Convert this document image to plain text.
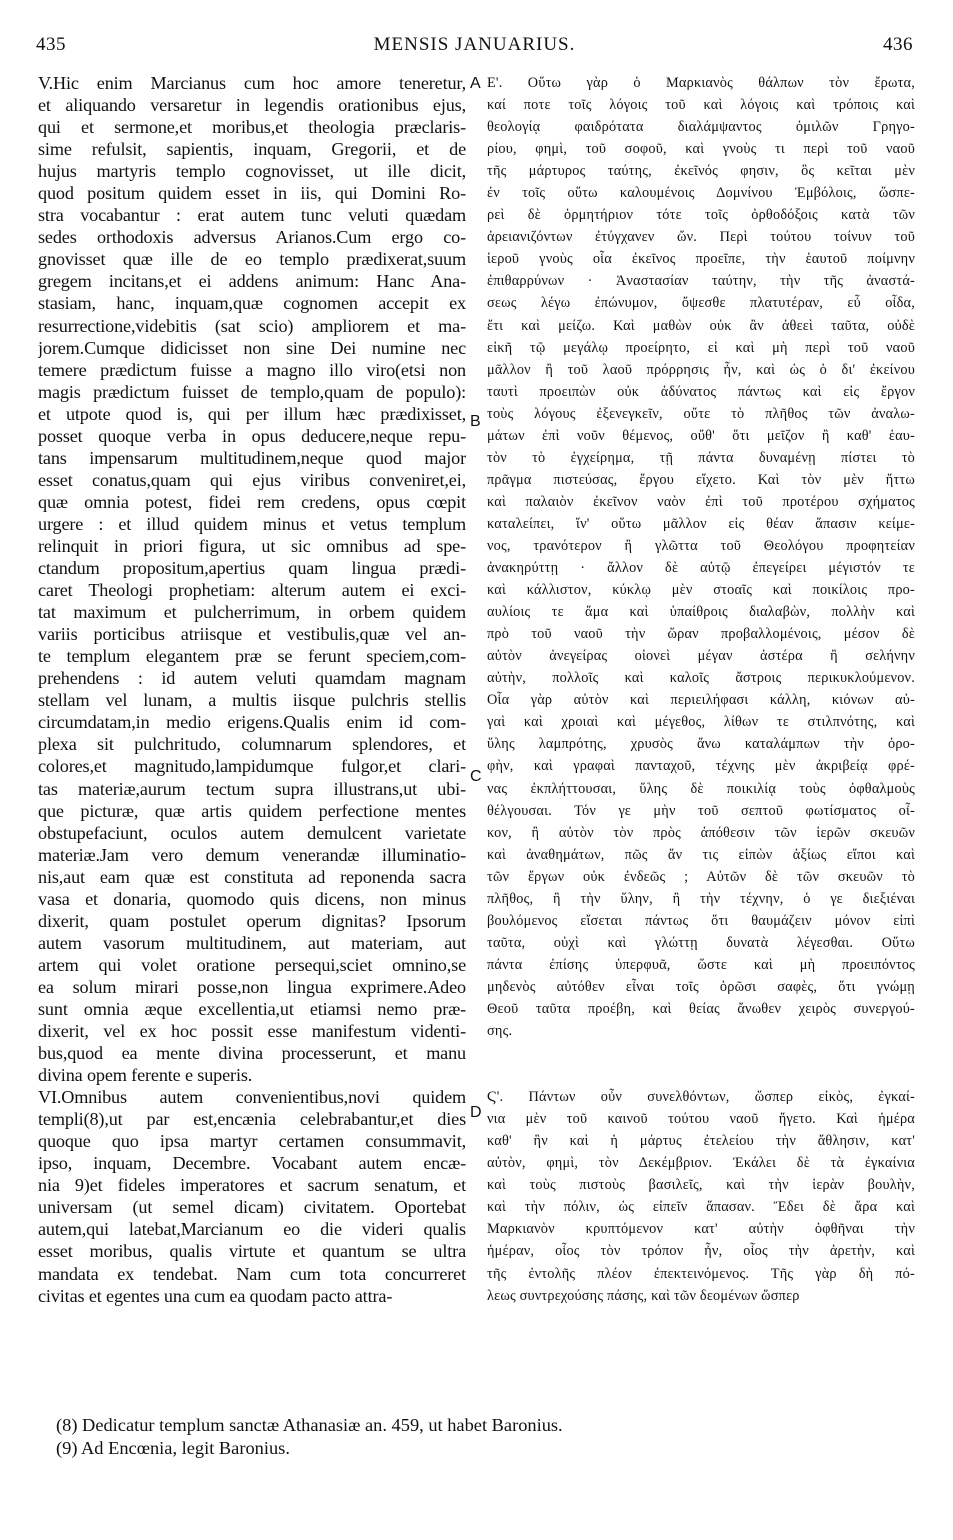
435	MENSIS JANUARIUS.	436
V.Hic enim Marcianus cum hoc amore teneretur,
et aliquando versaretur in legendis orationibus ejus,
qui et sermone,et moribus,et theologia præclaris-
sime refulsit, sapientis, inquam, Gregorii, et de
hujus martyris templo cognovisset, ut ille dicit,
quod positum quidem esset in iis, qui Domini Ro-
stra vocabantur : erat autem tunc veluti quædam
sedes orthodoxis adversus Arianos.Cum ergo co-
gnovisset quæ ille de eo templo prædixerat,suum
gregem incitans,et ei addens animum: Hanc Ana-
stasiam, hanc, inquam,quæ cognomen accepit ex
resurrectione,videbitis (sat scio) ampliorem et ma-
jorem.Cumque didicisset non sine Dei numine nec
temere prædictum fuisse a magno illo viro(etsi non
magis prædictum fuisset de templo,quam de populo):
et utpote quod is, qui per illum hæc prædixisset,
posset quoque verba in opus deducere,neque repu-
tans impensarum multitudinem,neque quod major
esset conatus,quam qui ejus viribus conveniret,ei,
quæ omnia potest, fidei rem credens, opus cœpit
urgere : et illud quidem minus et vetus templum
relinquit in priori figura, ut sic omnibus ad spe-
ctandum propositum,apertius quam lingua prædi-
caret Theologi prophetiam: alterum autem ei exci-
tat maximum et pulcherrimum, in orbem quidem
variis porticibus atriisque et vestibulis,quæ vel an-
te templum elegantem præ se ferunt speciem,com-
prehendens : id autem veluti quamdam magnam
stellam vel lunam, a multis iisque pulchris stellis
circumdatam,in medio erigens.Qualis enim id com-
plexa sit pulchritudo, columnarum splendores, et
colores,et magnitudo,lampidumque fulgor,et clari-
tas materiæ,aurum tectum supra illustrans,ut ubi-
que picturæ, quæ artis quidem perfectione mentes
obstupefaciunt, oculos autem demulcent varietate
materiæ.Jam vero demum venerandæ illuminatio-
nis,aut eam quæ est constituta ad reponenda sacra
vasa et donaria, quomodo quis dicens, non minus
dixerit, quam postulet operum dignitas? Ipsorum
autem vasorum multitudinem, aut materiam, aut
artem qui volet oratione persequi,sciet omnino,se
ea solum mirari posse,non lingua exprimere.Adeo
sunt omnia æque excellentia,ut etiamsi nemo præ-
dixerit, vel ex hoc possit esse manifestum videnti-
bus,quod ea mente divina processerunt, et manu
divina opem ferente e superis.
VI.Omnibus autem convenientibus,novi quidem
templi(8),ut par est,encænia celebrabantur,et dies
quoque quo ipsa martyr certamen consummavit,
ipso, inquam, Decembre. Vocabant autem encæ-
nia 9)et fideles imperatores et sacrum senatum, et
universam (ut semel dicam) civitatem. Oportebat
autem,qui latebat,Marcianum eo die videri qualis
esset moribus, qualis virtute et quantum se ultra
mandata ex tendebat. Nam cum tota concurreret
civitas et egentes una cum ea quodam pacto attra-
Ε'. Οὕτω γὰρ ὁ Μαρκιανὸς θάλπων τὸν ἔρωτα,
καί ποτε τοῖς λόγοις τοῦ καὶ λόγοις καὶ τρόποις καὶ
θεολογίᾳ φαιδρότατα διαλάμψαντος ὁμιλῶν Γρηγο-
ρίου, φημὶ, τοῦ σοφοῦ, καὶ γνοὺς τι περὶ τοῦ ναοῦ
τῆς μάρτυρος ταύτης, ἐκεῖνός φησιν, ὃς κεῖται μὲν
ἐν τοῖς οὕτω καλουμένοις Δομνίνου Ἐμβόλοις, ὥσπε-
ρεὶ δὲ ὁρμητήριον τότε τοῖς ὀρθοδόξοις κατὰ τῶν
ἀρειανιζόντων ἐτύγχανεν ὤν. Περὶ τούτου τοίνυν τοῦ
ἱεροῦ γνοὺς οἷα ἐκεῖνος προεῖπε, τὴν ἑαυτοῦ ποίμνην
ἐπιθαρρύνων · Ἀναστασίαν ταύτην, τὴν τῆς ἀναστά-
σεως λέγω ἐπώνυμον, ὄψεσθε πλατυτέραν, εὖ οἶδα,
ἔτι καὶ μείζω. Καὶ μαθὼν οὐκ ἂν ἀθεεὶ ταῦτα, οὐδὲ
εἰκῆ τῷ μεγάλῳ προείρητο, εἰ καὶ μὴ περὶ τοῦ ναοῦ
μᾶλλον ἢ τοῦ λαοῦ πρόρρησις ἦν, καὶ ὡς ὁ δι' ἐκείνου
ταυτὶ προειπὼν οὐκ ἀδύνατος πάντως καὶ εἰς ἔργον
τοὺς λόγους ἐξενεγκεῖν, οὔτε τὸ πλῆθος τῶν ἀναλω-
μάτων ἐπὶ νοῦν θέμενος, οὔθ' ὅτι μεῖζον ἢ καθ' ἑαυ-
τὸν τὸ ἐγχείρημα, τῇ πάντα δυναμένῃ πίστει τὸ
πρᾶγμα πιστεύσας, ἔργου εἴχετο. Καὶ τὸν μὲν ἥττω
καὶ παλαιὸν ἐκεῖνον ναὸν ἐπὶ τοῦ προτέρου σχήματος
καταλείπει, ἵν' οὕτω μᾶλλον εἰς θέαν ἅπασιν κείμε-
νος, τρανότερον ἢ γλῶττα τοῦ Θεολόγου προφητείαν
ἀνακηρύττῃ · ἄλλον δὲ αὐτῷ ἐπεγείρει μέγιστόν τε
καὶ κάλλιστον, κύκλῳ μὲν στοαῖς καὶ ποικίλοις προ-
αυλίοις τε ἅμα καὶ ὑπαίθροις διαλαβὼν, πολλὴν καὶ
πρὸ τοῦ ναοῦ τὴν ὥραν προβαλλομένοις, μέσον δὲ
αὐτὸν ἀνεγείρας οἱονεὶ μέγαν ἀστέρα ἢ σελήνην
αὐτὴν, πολλοῖς καὶ καλοῖς ἄστροις περικυκλούμενον.
Οἷα γὰρ αὐτὸν καὶ περιειλήφασι κάλλη, κιόνων αὐ-
γαὶ καὶ χροιαὶ καὶ μέγεθος, λίθων τε στιλπνότης, καὶ
ὕλης λαμπρότης, χρυσὸς ἄνω καταλάμπων τὴν ὀρο-
φὴν, καὶ γραφαὶ πανταχοῦ, τέχνης μὲν ἀκριβείᾳ φρέ-
νας ἐκπλήττουσαι, ὕλης δὲ ποικιλίᾳ τοὺς ὀφθαλμοὺς
θέλγουσαι. Τόν γε μὴν τοῦ σεπτοῦ φωτίσματος οἶ-
κον, ἢ αὐτὸν τὸν πρὸς ἀπόθεσιν τῶν ἱερῶν σκευῶν
καὶ ἀναθημάτων, πῶς ἄν τις εἰπὼν ἀξίως εἴποι καὶ
τῶν ἔργων οὐκ ἐνδεῶς ; Αὐτῶν δὲ τῶν σκευῶν τὸ
πλῆθος, ἢ τὴν ὕλην, ἢ τὴν τέχνην, ὁ γε διεξιέναι
βουλόμενος εἴσεται πάντως ὅτι θαυμάζειν μόνον εἰπὶ
ταῦτα, οὐχὶ καὶ γλώττῃ δυνατὰ λέγεσθαι. Οὕτω
πάντα ἐπίσης ὑπερφυᾶ, ὥστε καὶ μὴ προειπόντος
μηδενὸς αὐτόθεν εἶναι τοῖς ὁρῶσι σαφὲς, ὅτι γνώμῃ
Θεοῦ ταῦτα προέβη, καὶ θείας ἄνωθεν χειρὸς συνεργού-
σης.
Ϛ'. Πάντων οὖν συνελθόντων, ὥσπερ εἰκὸς, ἐγκαί-
νια μὲν τοῦ καινοῦ τούτου ναοῦ ἤγετο. Καὶ ἡμέρα
καθ' ἣν καὶ ἡ μάρτυς ἐτελείου τὴν ἄθλησιν, κατ'
αὐτὸν, φημὶ, τὸν Δεκέμβριον. Ἐκάλει δὲ τὰ ἐγκαίνια
καὶ τοὺς πιστοὺς βασιλεῖς, καὶ τὴν ἱερὰν βουλὴν,
καὶ τὴν πόλιν, ὡς εἰπεῖν ἅπασαν. Ἔδει δὲ ἄρα καὶ
Μαρκιανὸν κρυπτόμενον κατ' αὐτὴν ὀφθῆναι τὴν
ἡμέραν, οἷος τὸν τρόπον ἦν, οἷος τὴν ἀρετὴν, καὶ
τῆς ἐντολῆς πλέον ἐπεκτεινόμενος. Τῆς γὰρ δὴ πό-
λεως συντρεχούσης πάσης, καὶ τῶν δεομένων ὥσπερ
A
B
C
D
(8) Dedicatur templum sanctæ Athanasiæ an. 459, ut habet Baronius.
(9) Ad Encœnia, legit Baronius.
